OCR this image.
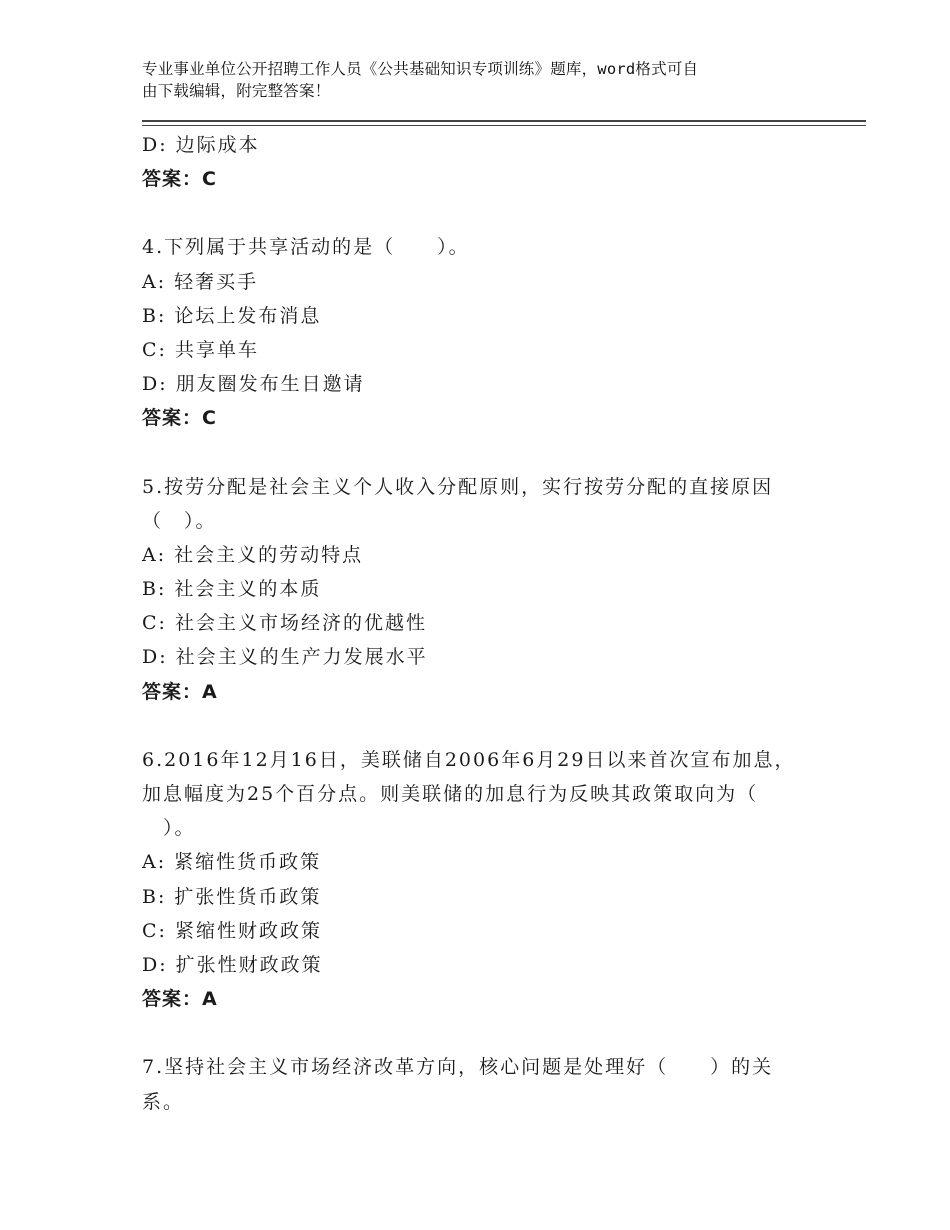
专业事业单位公开招聘工作人员《公共基础知识专项训练》题库，word格式可自
由下载编辑，附完整答案！
D: 边际成本
答案：C
4.下列属于共享活动的是（　　）。
A: 轻奢买手
B: 论坛上发布消息
C: 共享单车
D: 朋友圈发布生日邀请
答案：C
5.按劳分配是社会主义个人收入分配原则，实行按劳分配的直接原因
（　）。
A: 社会主义的劳动特点
B: 社会主义的本质
C: 社会主义市场经济的优越性
D: 社会主义的生产力发展水平
答案：A
6.2016年12月16日，美联储自2006年6月29日以来首次宣布加息，
加息幅度为25个百分点。则美联储的加息行为反映其政策取向为（
　）。
A: 紧缩性货币政策
B: 扩张性货币政策
C: 紧缩性财政政策
D: 扩张性财政政策
答案：A
7.坚持社会主义市场经济改革方向，核心问题是处理好（　　）的关
系。
